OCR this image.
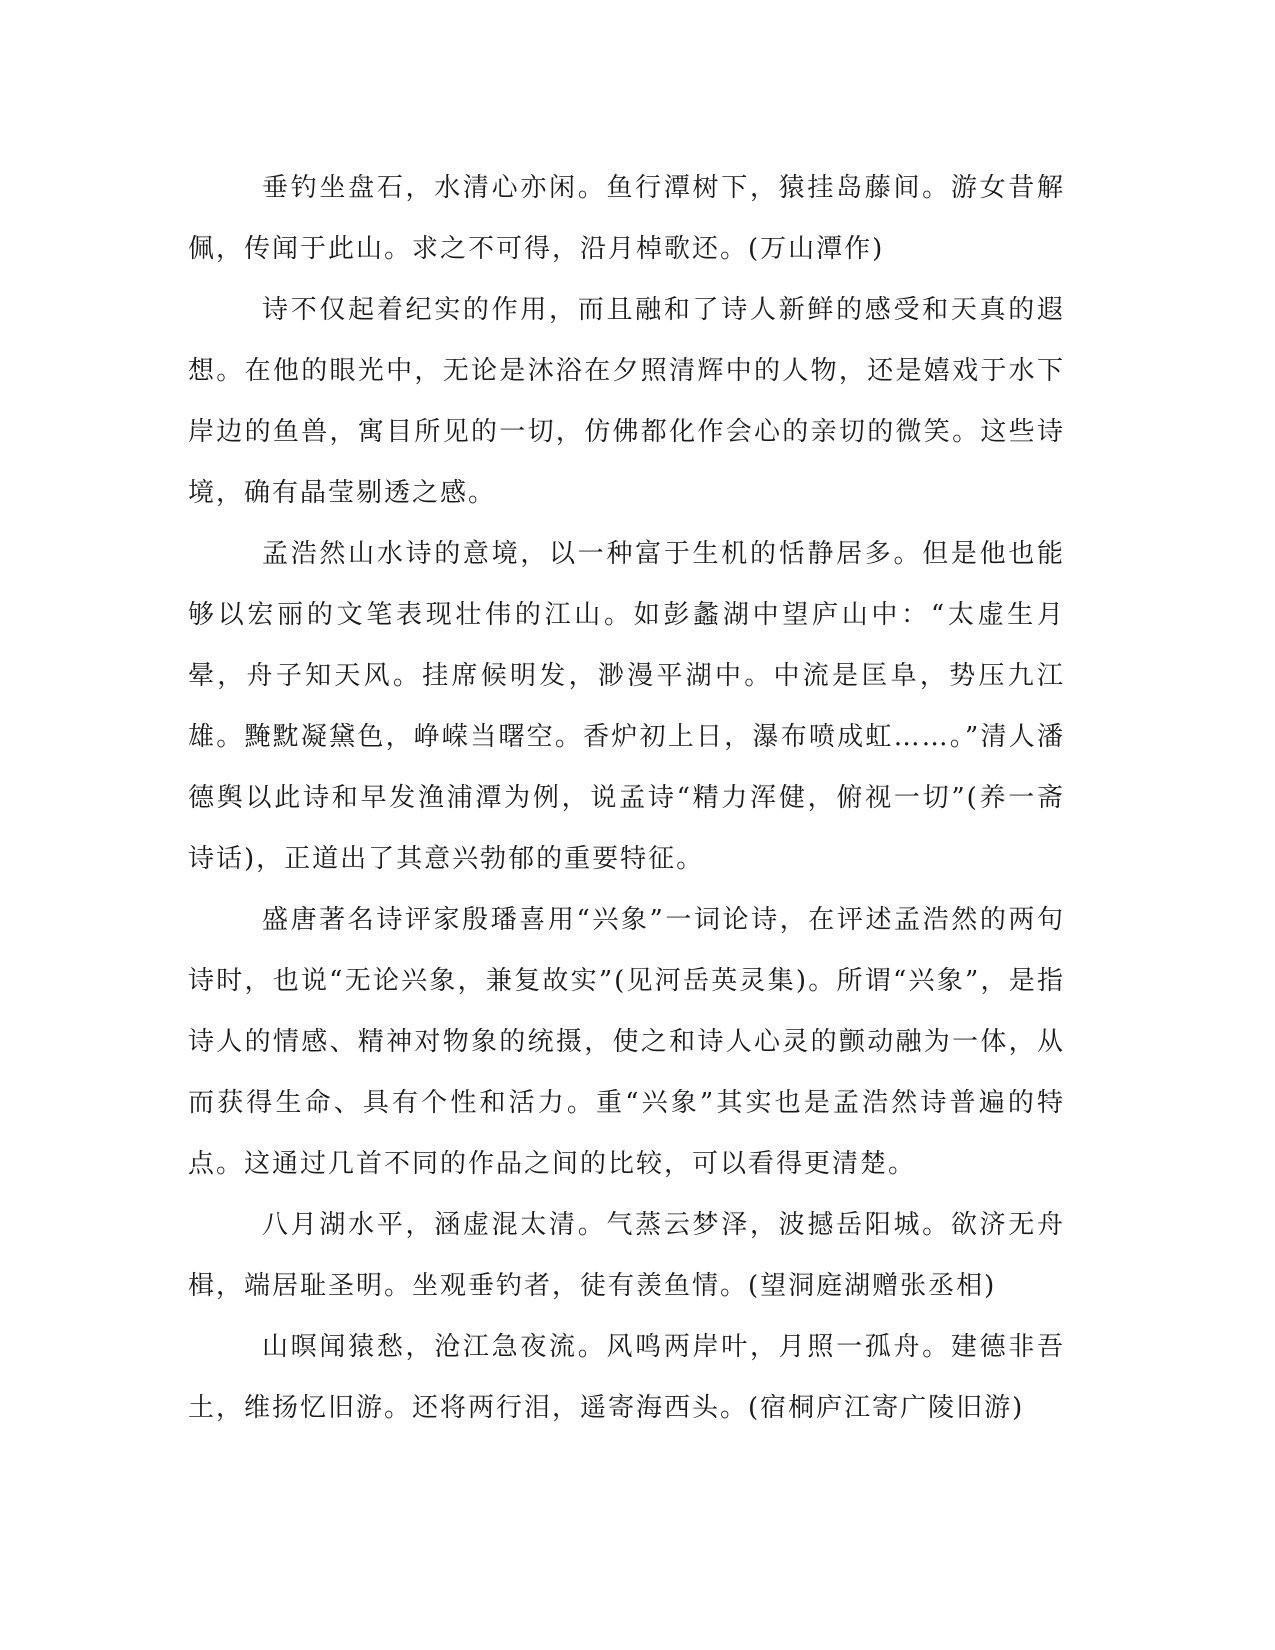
垂钓坐盘石，水清心亦闲。鱼行潭树下，猿挂岛藤间。游女昔解佩，传闻于此山。求之不可得，沿月棹歌还。(万山潭作)

诗不仅起着纪实的作用，而且融和了诗人新鲜的感受和天真的遐想。在他的眼光中，无论是沐浴在夕照清辉中的人物，还是嬉戏于水下岸边的鱼兽，寓目所见的一切，仿佛都化作会心的亲切的微笑。这些诗境，确有晶莹剔透之感。

孟浩然山水诗的意境，以一种富于生机的恬静居多。但是他也能够以宏丽的文笔表现壮伟的江山。如彭蠡湖中望庐山中：“太虚生月晕，舟子知天风。挂席候明发，渺漫平湖中。中流是匡阜，势压九江雄。黤黕凝黛色，峥嵘当曙空。香炉初上日，瀑布喷成虹……。”清人潘德舆以此诗和早发渔浦潭为例，说孟诗“精力浑健，俯视一切”(养一斋诗话)，正道出了其意兴勃郁的重要特征。

盛唐著名诗评家殷璠喜用“兴象”一词论诗，在评述孟浩然的两句诗时，也说“无论兴象，兼复故实”(见河岳英灵集)。所谓“兴象”，是指诗人的情感、精神对物象的统摄，使之和诗人心灵的颤动融为一体，从而获得生命、具有个性和活力。重“兴象”其实也是孟浩然诗普遍的特点。这通过几首不同的作品之间的比较，可以看得更清楚。

八月湖水平，涵虚混太清。气蒸云梦泽，波撼岳阳城。欲济无舟楫，端居耻圣明。坐观垂钓者，徒有羡鱼情。(望洞庭湖赠张丞相)

山暝闻猿愁，沧江急夜流。风鸣两岸叶，月照一孤舟。建德非吾土，维扬忆旧游。还将两行泪，遥寄海西头。(宿桐庐江寄广陵旧游)
